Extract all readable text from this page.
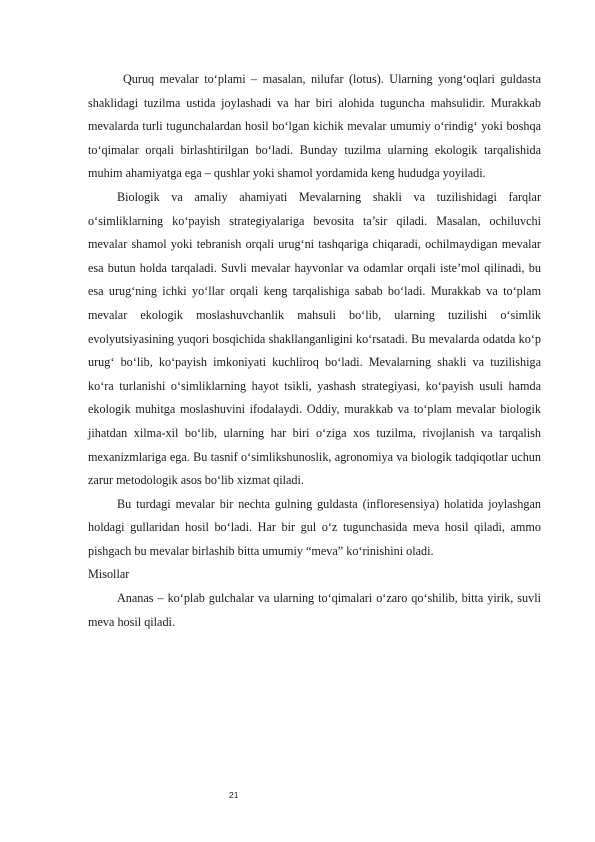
Quruq mevalar to‘plami – masalan, nilufar (lotus). Ularning yong‘oqlari guldasta shaklidagi tuzilma ustida joylashadi va har biri alohida tuguncha mahsulidir. Murakkab mevalarda turli tugunchalardan hosil bo‘lgan kichik mevalar umumiy o‘rindig‘ yoki boshqa to‘qimalar orqali birlashtirilgan bo‘ladi. Bunday tuzilma ularning ekologik tarqalishida muhim ahamiyatga ega – qushlar yoki shamol yordamida keng hududga yoyiladi.

Biologik va amaliy ahamiyati Mevalarning shakli va tuzilishidagi farqlar o‘simliklarning ko‘payish strategiyalariga bevosita ta’sir qiladi. Masalan, ochiluvchi mevalar shamol yoki tebranish orqali urug‘ni tashqariga chiqaradi, ochilmaydigan mevalar esa butun holda tarqaladi. Suvli mevalar hayvonlar va odamlar orqali iste’mol qilinadi, bu esa urug‘ning ichki yo‘llar orqali keng tarqalishiga sabab bo‘ladi. Murakkab va to‘plam mevalar ekologik moslashuvchanlik mahsuli bo‘lib, ularning tuzilishi o‘simlik evolyutsiyasining yuqori bosqichida shakllanganligini ko‘rsatadi. Bu mevalarda odatda ko‘p urug‘ bo‘lib, ko‘payish imkoniyati kuchliroq bo‘ladi. Mevalarning shakli va tuzilishiga ko‘ra turlanishi o‘simliklarning hayot tsikli, yashash strategiyasi, ko‘payish usuli hamda ekologik muhitga moslashuvini ifodalaydi. Oddiy, murakkab va to‘plam mevalar biologik jihatdan xilma-xil bo‘lib, ularning har biri o‘ziga xos tuzilma, rivojlanish va tarqalish mexanizmlariga ega. Bu tasnif o‘simlikshunoslik, agronomiya va biologik tadqiqotlar uchun zarur metodologik asos bo‘lib xizmat qiladi.

Bu turdagi mevalar bir nechta gulning guldasta (infloresensiya) holatida joylashgan holdagi gullaridan hosil bo‘ladi. Har bir gul o‘z tugunchasida meva hosil qiladi, ammo pishgach bu mevalar birlashib bitta umumiy “meva” ko‘rinishini oladi.

Misollar

Ananas – ko‘plab gulchalar va ularning to‘qimalari o‘zaro qo‘shilib, bitta yirik, suvli meva hosil qiladi.

21
